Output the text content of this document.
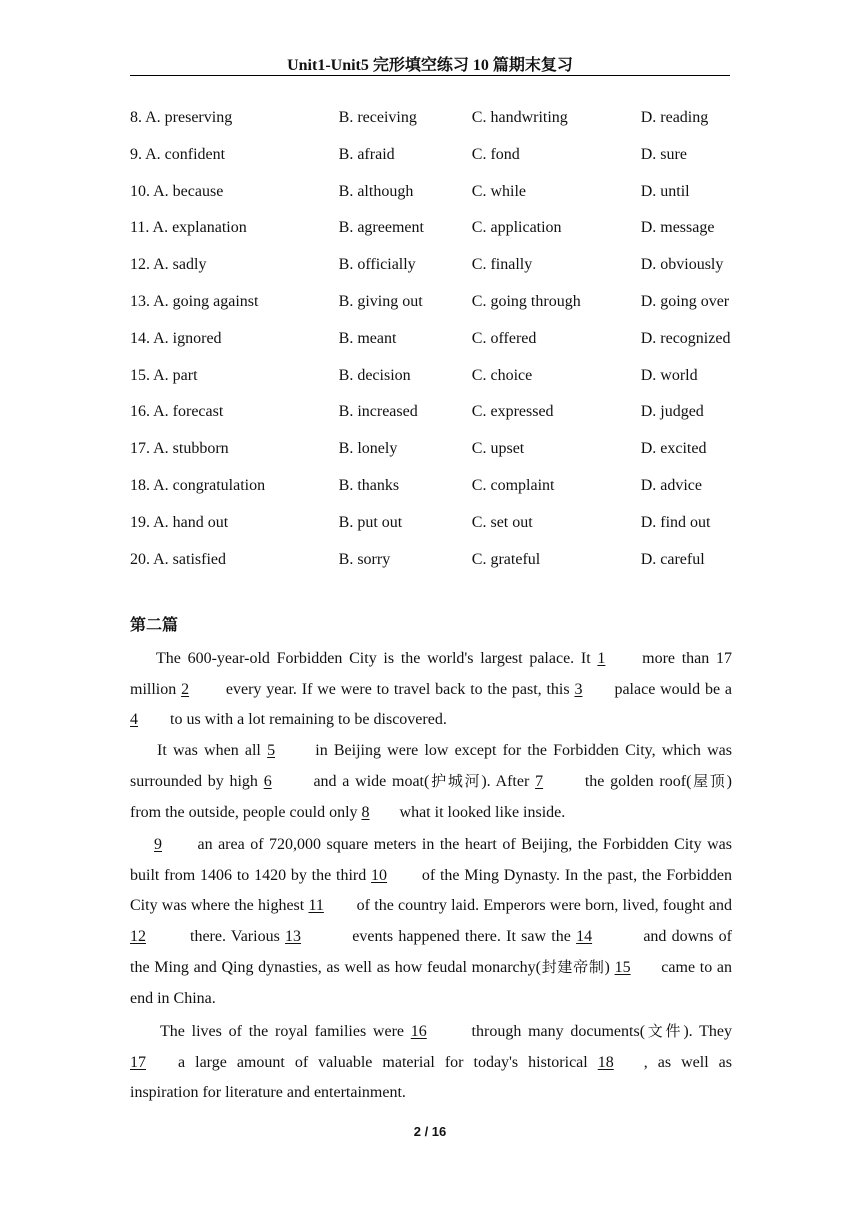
Unit1-Unit5 完形填空练习 10 篇期末复习
8. A. preserving	B. receiving	C. handwriting	D. reading
9. A. confident	B. afraid	C. fond	D. sure
10. A. because	B. although	C. while	D. until
11. A. explanation	B. agreement	C. application	D. message
12. A. sadly	B. officially	C. finally	D. obviously
13. A. going against	B. giving out	C. going through	D. going over
14. A. ignored	B. meant	C. offered	D. recognized
15. A. part	B. decision	C. choice	D. world
16. A. forecast	B. increased	C. expressed	D. judged
17. A. stubborn	B. lonely	C. upset	D. excited
18. A. congratulation	B. thanks	C. complaint	D. advice
19. A. hand out	B. put out	C. set out	D. find out
20. A. satisfied	B. sorry	C. grateful	D. careful
第二篇

The 600-year-old Forbidden City is the world's largest palace. It 1 more than 17 million 2 every year. If we were to travel back to the past, this 3 palace would be a 4 to us with a lot remaining to be discovered.

It was when all 5 in Beijing were low except for the Forbidden City, which was surrounded by high 6 and a wide moat(护城河). After 7 the golden roof(屋顶) from the outside, people could only 8 what it looked like inside.

9 an area of 720,000 square meters in the heart of Beijing, the Forbidden City was built from 1406 to 1420 by the third 10 of the Ming Dynasty. In the past, the Forbidden City was where the highest 11 of the country laid. Emperors were born, lived, fought and 12	there. Various 13	events happened there. It saw the 14	and downs of the Ming and Qing dynasties, as well as how feudal monarchy(封建帝制) 15 came to an end in China.

The lives of the royal families were 16 through many documents(文件). They 17 a large amount of valuable material for today's historical 18 , as well as inspiration for literature and entertainment.

2 / 16
